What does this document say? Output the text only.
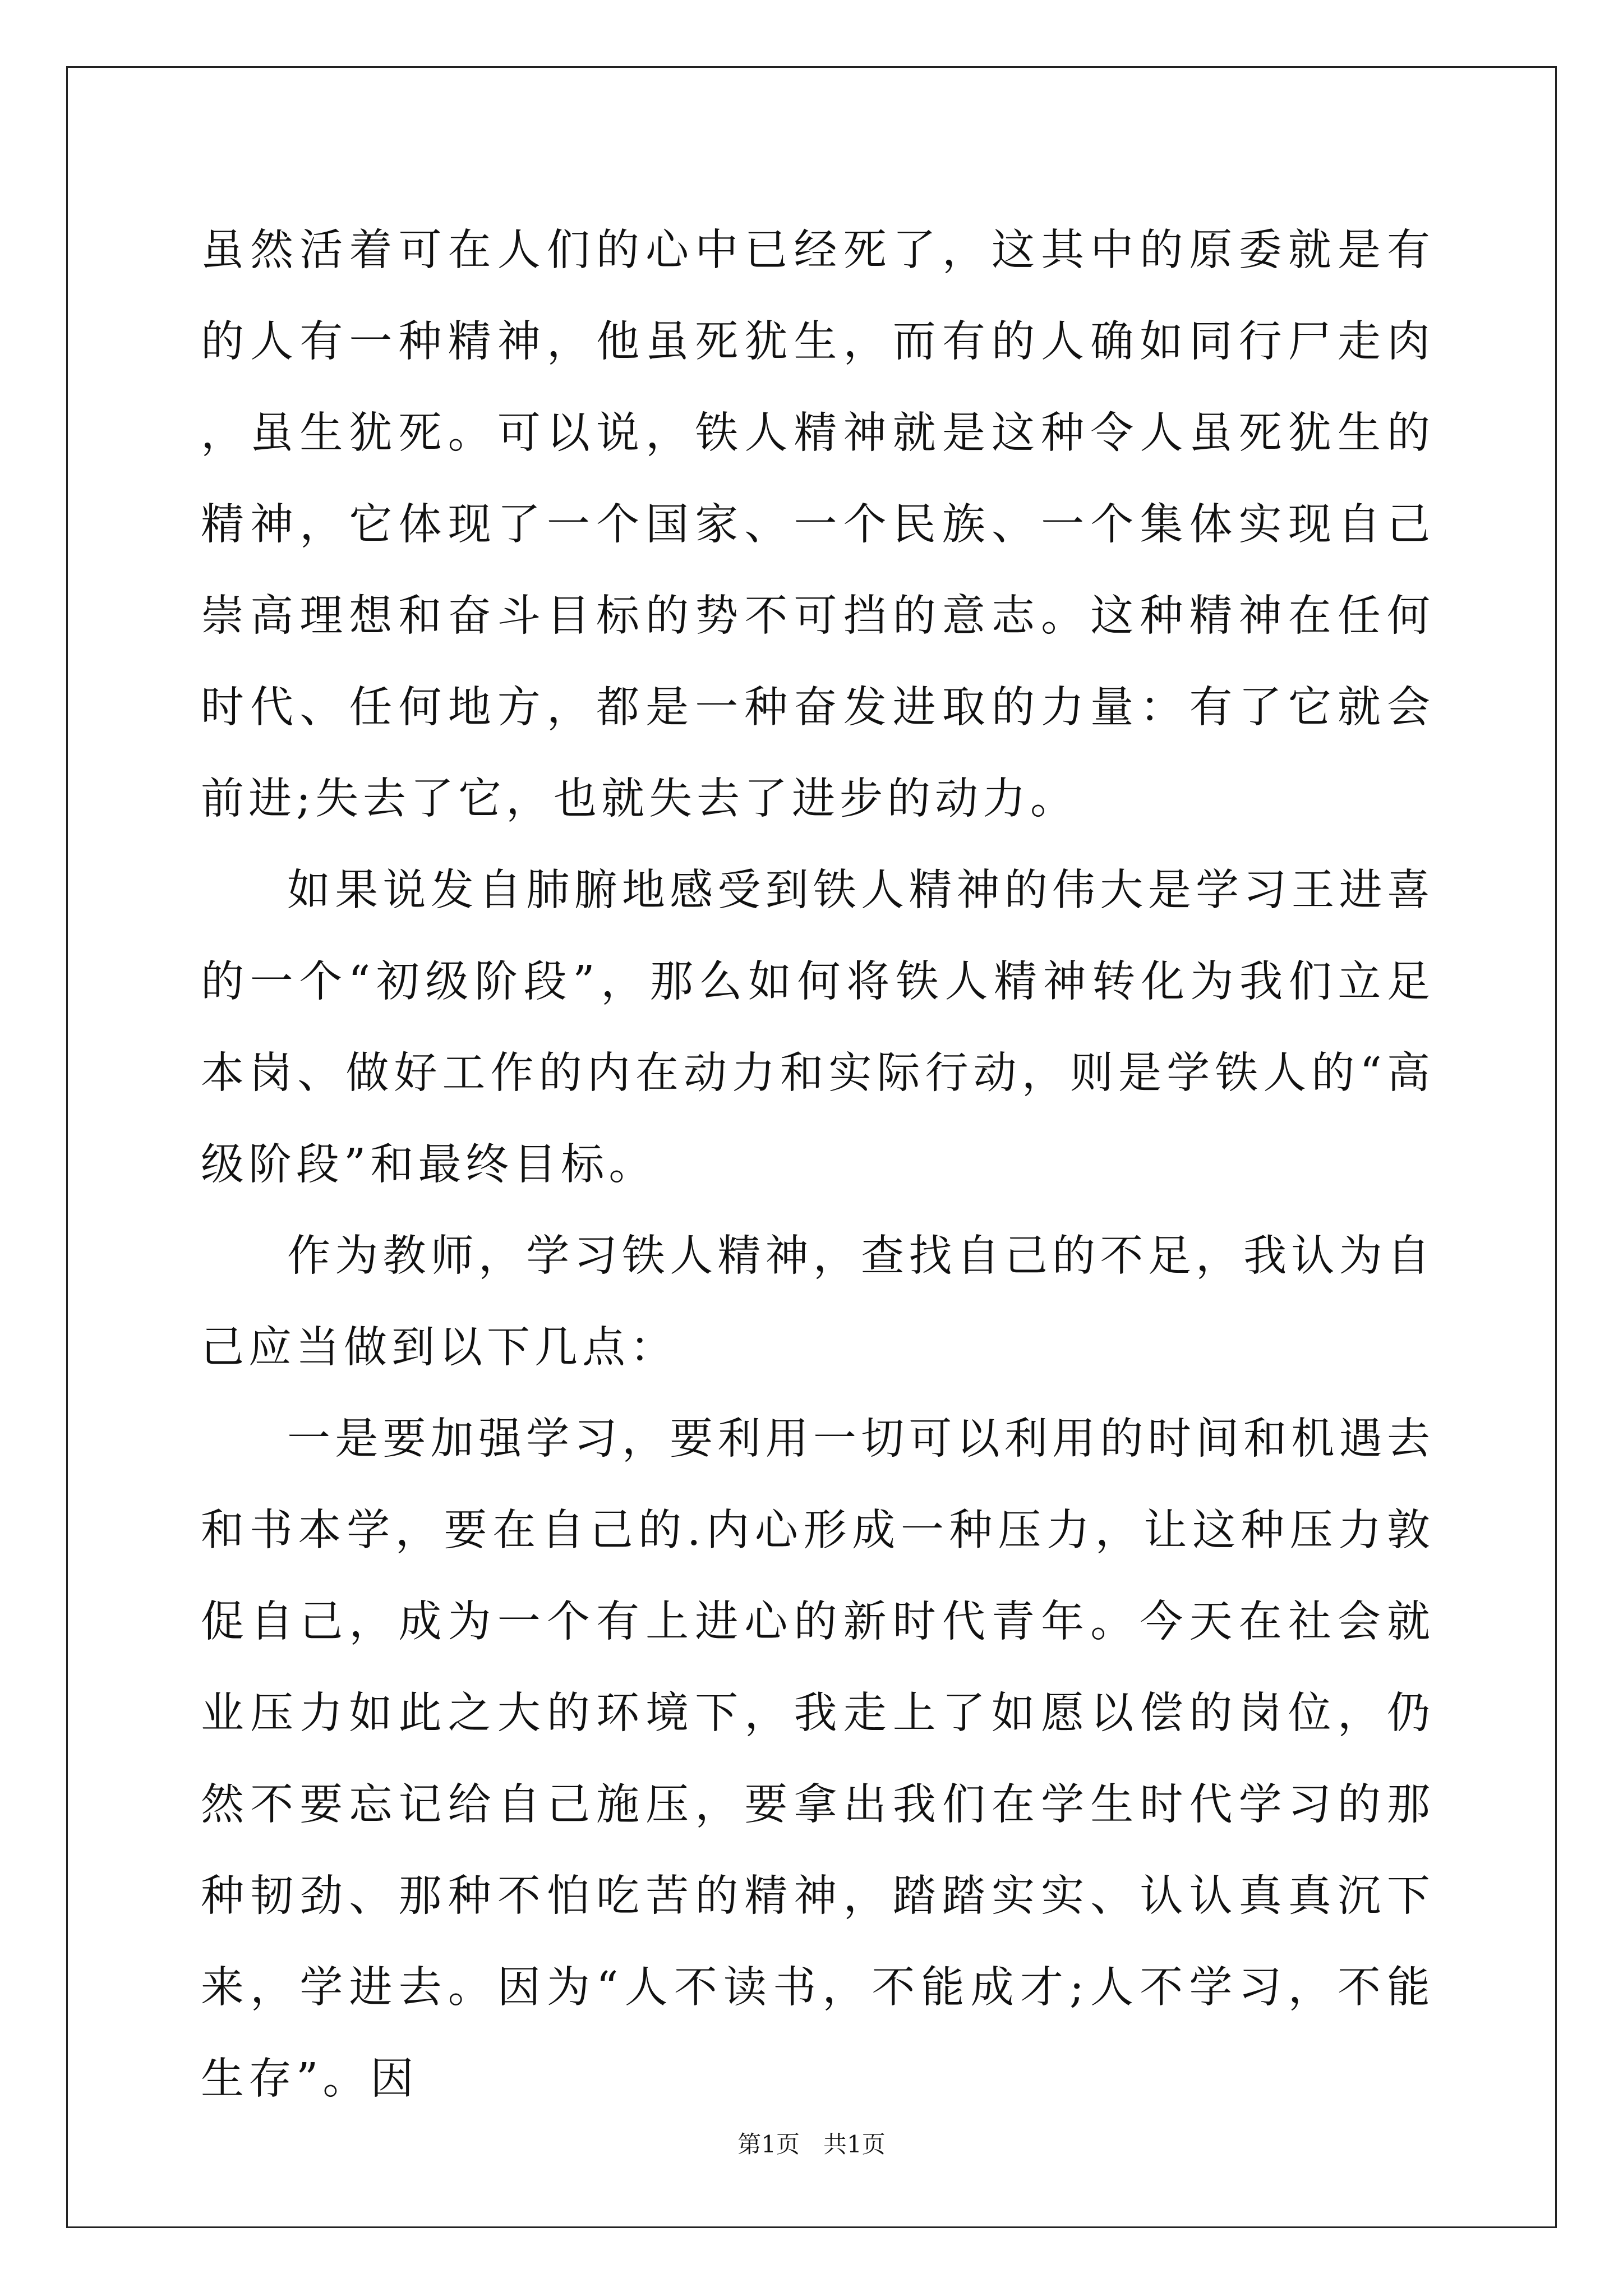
虽然活着可在人们的心中已经死了，这其中的原委就是有的人有一种精神，他虽死犹生，而有的人确如同行尸走肉，虽生犹死。可以说，铁人精神就是这种令人虽死犹生的精神，它体现了一个国家、一个民族、一个集体实现自己崇高理想和奋斗目标的势不可挡的意志。这种精神在任何时代、任何地方，都是一种奋发进取的力量：有了它就会前进;失去了它，也就失去了进步的动力。

如果说发自肺腑地感受到铁人精神的伟大是学习王进喜的一个“初级阶段”，那么如何将铁人精神转化为我们立足本岗、做好工作的内在动力和实际行动，则是学铁人的“高级阶段”和最终目标。

作为教师，学习铁人精神，查找自己的不足，我认为自己应当做到以下几点：

一是要加强学习，要利用一切可以利用的时间和机遇去和书本学，要在自己的.内心形成一种压力，让这种压力敦促自己，成为一个有上进心的新时代青年。今天在社会就业压力如此之大的环境下，我走上了如愿以偿的岗位，仍然不要忘记给自己施压，要拿出我们在学生时代学习的那种韧劲、那种不怕吃苦的精神，踏踏实实、认认真真沉下来，学进去。因为“人不读书，不能成才;人不学习，不能生存”。因

第1页　共1页
